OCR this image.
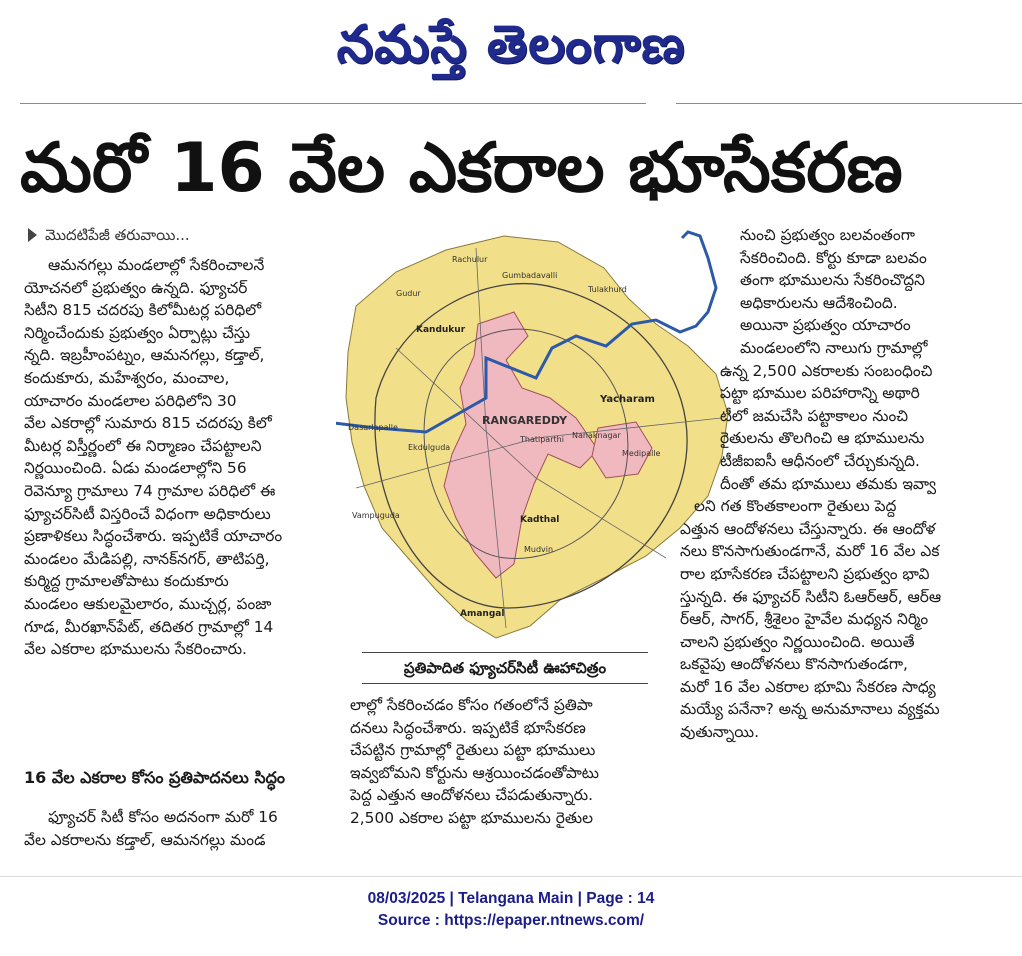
నమస్తే తెలంగాణ
మరో 16 వేల ఎకరాల భూసేకరణ
మొదటిపేజీ తరువాయి...

ఆమనగల్లు మండలాల్లో సేకరించాలనే

యోచనలో ప్రభుత్వం ఉన్నది. ఫ్యూచర్

సిటీని 815 చదరపు కిలోమీటర్ల పరిధిలో

నిర్మించేందుకు ప్రభుత్వం ఏర్పాట్లు చేస్తు

న్నది. ఇబ్రహీంపట్నం, ఆమనగల్లు, కడ్తాల్,

కందుకూరు, మహేశ్వరం, మంచాల,

యాచారం మండలాల పరిధిలోని 30

వేల ఎకరాల్లో సుమారు 815 చదరపు కిలో

మీటర్ల విస్తీర్ణంలో ఈ నిర్మాణం చేపట్టాలని

నిర్ణయించింది. ఏడు మండలాల్లోని 56

రెవెన్యూ గ్రామాలు 74 గ్రామాల పరిధిలో ఈ

ఫ్యూచర్‌సిటీ విస్తరించే విధంగా అధికారులు

ప్రణాళికలు సిద్ధంచేశారు. ఇప్పటికే యాచారం

మండలం మేడిపల్లి, నానక్‌నగర్, తాటిపర్తి,

కుర్మిద్ద గ్రామాలతోపాటు కందుకూరు

మండలం ఆకులమైలారం, ముచ్చర్ల, పంజా

గూడ, మీరఖాన్‌పేట్, తదితర గ్రామాల్లో 14

వేల ఎకరాల భూములను సేకరించారు.

16 వేల ఎకరాల కోసం ప్రతిపాదనలు సిద్ధం

ఫ్యూచర్ సిటీ కోసం అదనంగా మరో 16

వేల ఎకరాలను కడ్తాల్, ఆమనగల్లు మండ

RANGAREDDY
Kandukur
Yacharam
Kadthal
Amangal
Ekdulguda
Dasarlapalle
Gudur
Rachulur
Gumbadavalli
Tulakhurd
Mudvin
Medipalle
Nanaknagar
Thatiparthi
Vampuguda
ప్రతిపాదిత ఫ్యూచర్‌సిటీ ఊహాచిత్రం

లాల్లో సేకరించడం కోసం గతంలోనే ప్రతిపా

దనలు సిద్ధంచేశారు. ఇప్పటికే భూసేకరణ

చేపట్టిన గ్రామాల్లో రైతులు పట్టా భూములు

ఇవ్వబోమని కోర్టును ఆశ్రయించడంతోపాటు

పెద్ద ఎత్తున ఆందోళనలు చేపడుతున్నారు.

2,500 ఎకరాల పట్టా భూములను రైతుల

నుంచి ప్రభుత్వం బలవంతంగా

సేకరించింది. కోర్టు కూడా బలవం

తంగా భూములను సేకరించొద్దని

అధికారులను ఆదేశించింది.

అయినా ప్రభుత్వం యాచారం

మండలంలోని నాలుగు గ్రామాల్లో

ఉన్న 2,500 ఎకరాలకు సంబంధించి

పట్టా భూముల పరిహారాన్ని అథారి

టీలో జమచేసి పట్టాకాలం నుంచి

రైతులను తొలగించి ఆ భూములను

టీజీఐఐసీ ఆధీనంలో చేర్చుకున్నది.

దీంతో తమ భూములు తమకు ఇవ్వా

లని గత కొంతకాలంగా రైతులు పెద్ద

ఎత్తున ఆందోళనలు చేస్తున్నారు. ఈ ఆందోళ

నలు కొనసాగుతుండగానే, మరో 16 వేల ఎక

రాల భూసేకరణ చేపట్టాలని ప్రభుత్వం భావి

స్తున్నది. ఈ ఫ్యూచర్ సిటీని ఓఆర్ఆర్, ఆర్ఆ

ర్ఆర్, సాగర్, శ్రీశైలం హైవేల మధ్యన నిర్మిం

చాలని ప్రభుత్వం నిర్ణయించింది. అయితే

ఒకవైపు ఆందోళనలు కొనసాగుతండగా,

మరో 16 వేల ఎకరాల భూమి సేకరణ సాధ్య

మయ్యే పనేనా? అన్న అనుమానాలు వ్యక్తమ

వుతున్నాయి.

08/03/2025 | Telangana Main | Page : 14
Source : https://epaper.ntnews.com/
